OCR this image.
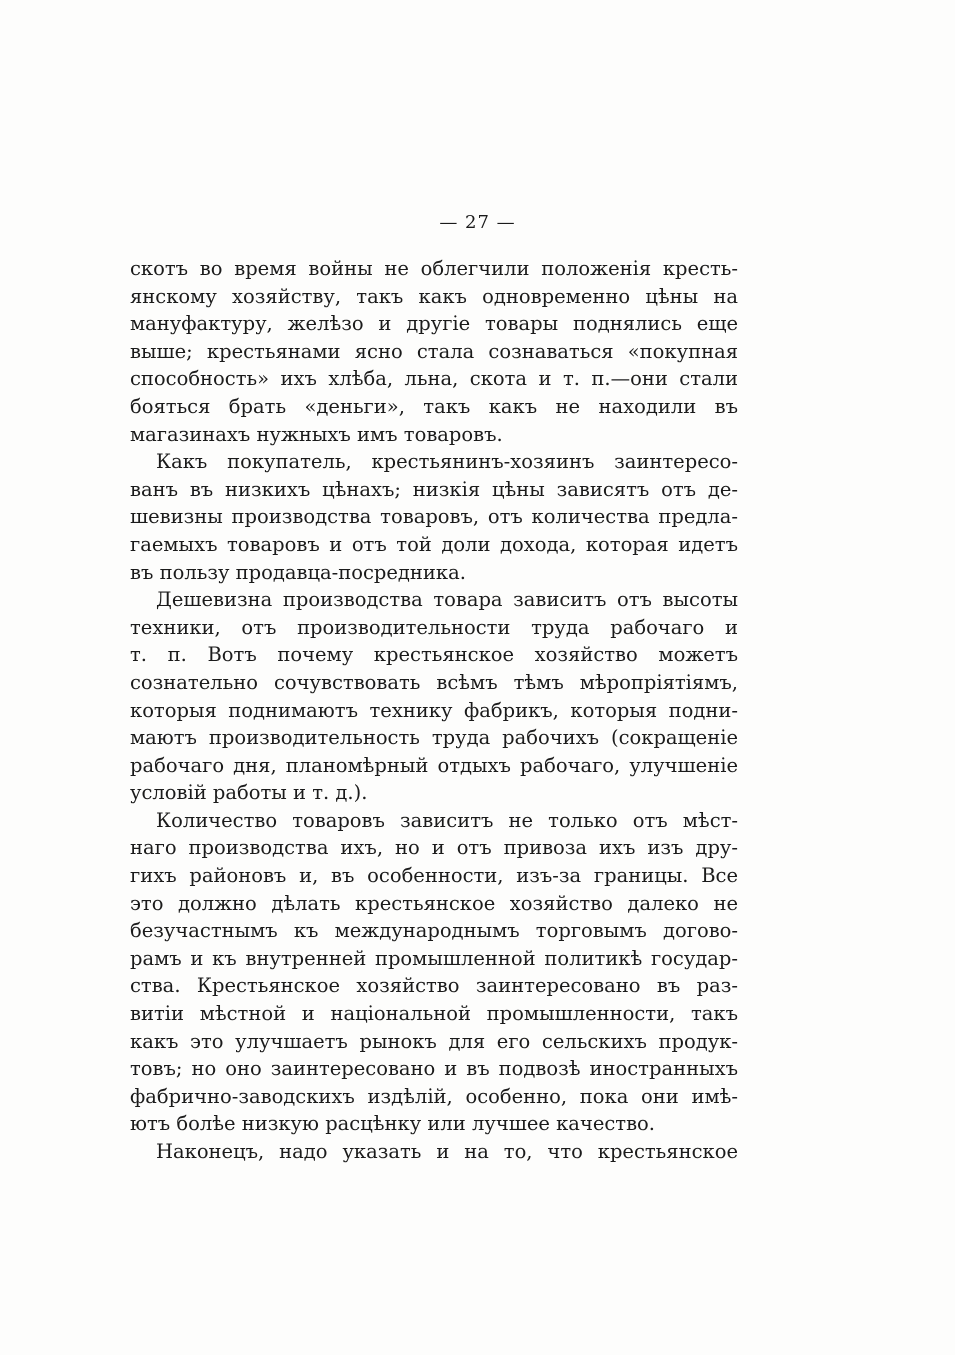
— 27 —
скотъ во время войны не облегчили положенія кресть-
янскому хозяйству, такъ какъ одновременно цѣны на
мануфактуру, желѣзо и другіе товары поднялись еще
выше; крестьянами ясно стала сознаваться «покупная
способность» ихъ хлѣба, льна, скота и т. п.—они стали
бояться брать «деньги», такъ какъ не находили въ
магазинахъ нужныхъ имъ товаровъ.
Какъ покупатель, крестьянинъ-хозяинъ заинтересо-
ванъ въ низкихъ цѣнахъ; низкія цѣны зависятъ отъ де-
шевизны производства товаровъ, отъ количества предла-
гаемыхъ товаровъ и отъ той доли дохода, которая идетъ
въ пользу продавца-посредника.
Дешевизна производства товара зависитъ отъ высоты
техники, отъ производительности труда рабочаго и
т. п. Вотъ почему крестьянское хозяйство можетъ
сознательно сочувствовать всѣмъ тѣмъ мѣропріятіямъ,
которыя поднимаютъ технику фабрикъ, которыя подни-
маютъ производительность труда рабочихъ (сокращеніе
рабочаго дня, планомѣрный отдыхъ рабочаго, улучшеніе
условій работы и т. д.).
Количество товаровъ зависитъ не только отъ мѣст-
наго производства ихъ, но и отъ привоза ихъ изъ дру-
гихъ районовъ и, въ особенности, изъ-за границы. Все
это должно дѣлать крестьянское хозяйство далеко не
безучастнымъ къ международнымъ торговымъ догово-
рамъ и къ внутренней промышленной политикѣ государ-
ства. Крестьянское хозяйство заинтересовано въ раз-
витіи мѣстной и національной промышленности, такъ
какъ это улучшаетъ рынокъ для его сельскихъ продук-
товъ; но оно заинтересовано и въ подвозѣ иностранныхъ
фабрично-заводскихъ издѣлій, особенно, пока они имѣ-
ютъ болѣе низкую расцѣнку или лучшее качество.
Наконецъ, надо указать и на то, что крестьянское
